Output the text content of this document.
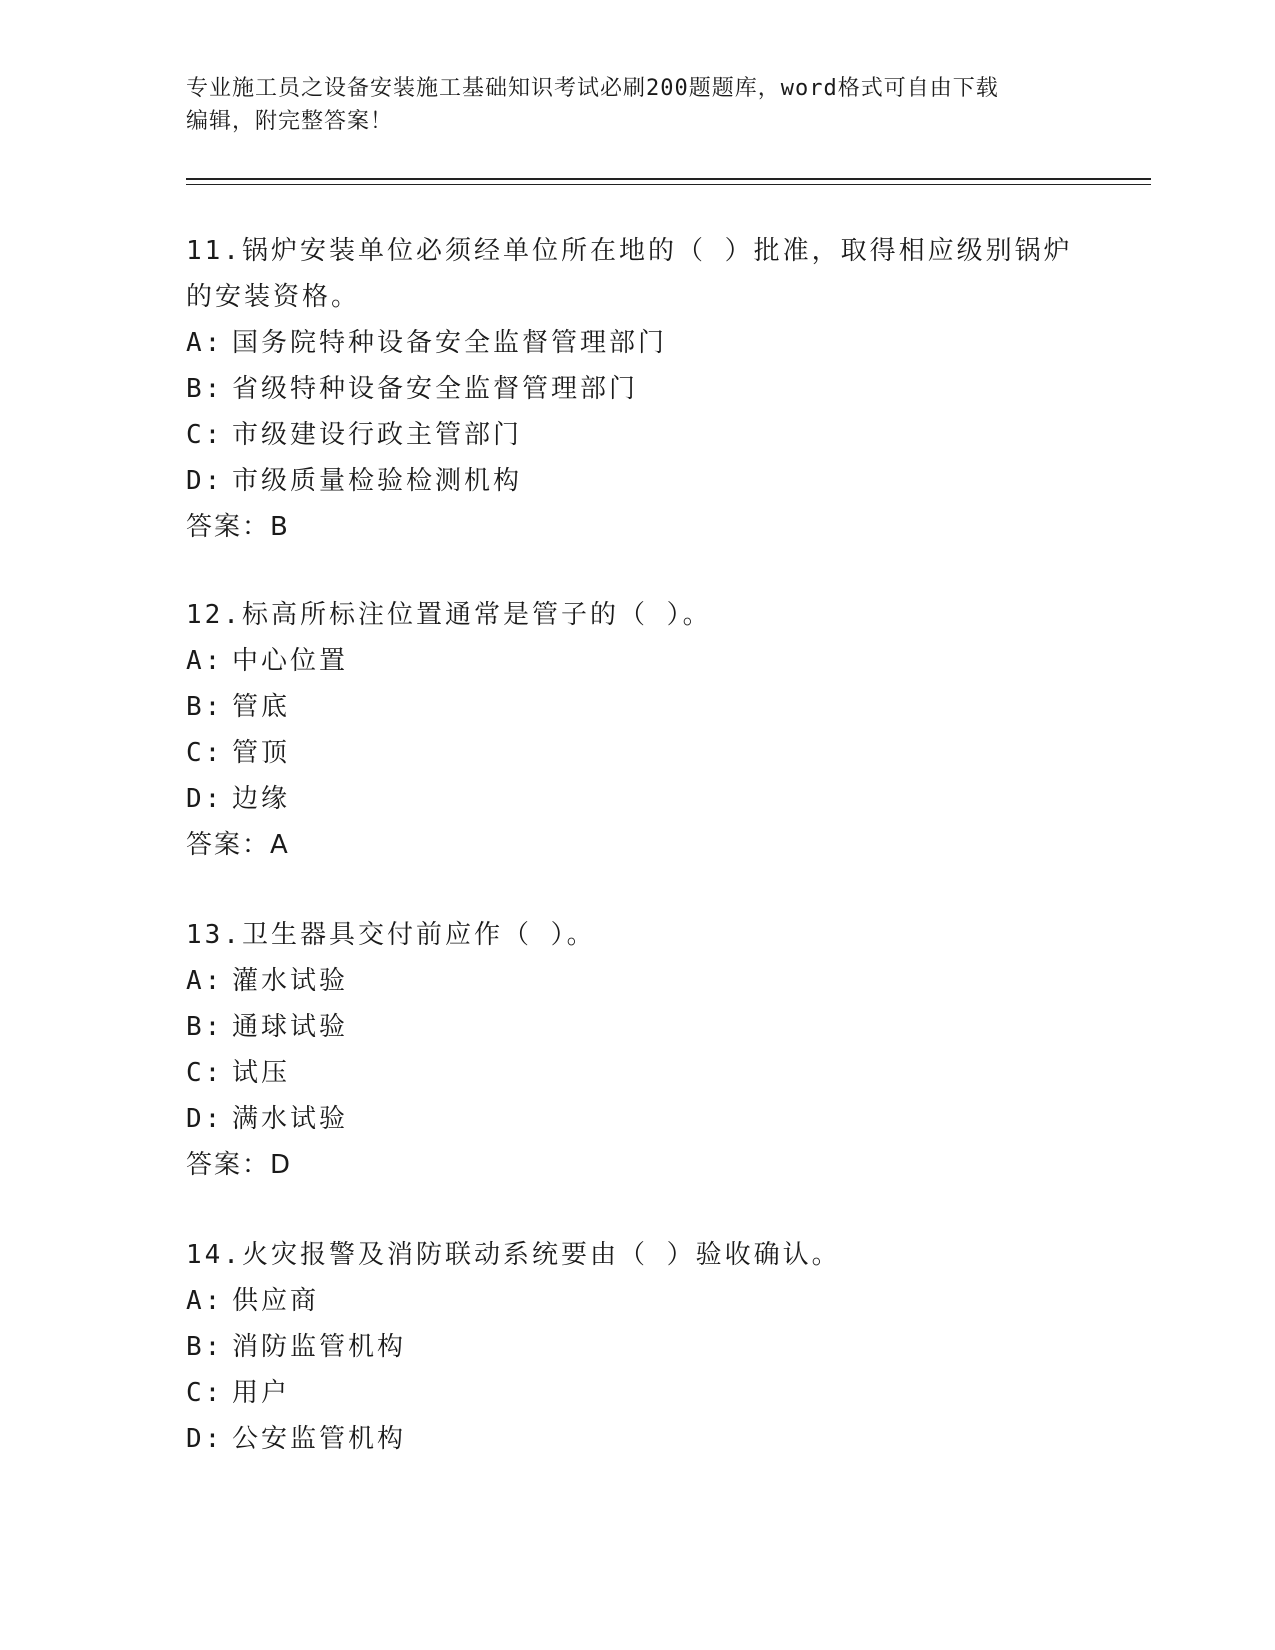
专业施工员之设备安装施工基础知识考试必刷200题题库，word格式可自由下载
编辑，附完整答案！

11.锅炉安装单位必须经单位所在地的（ ）批准，取得相应级别锅炉

的安装资格。

A: 国务院特种设备安全监督管理部门

B: 省级特种设备安全监督管理部门

C: 市级建设行政主管部门

D: 市级质量检验检测机构

答案：B

12.标高所标注位置通常是管子的（ ）。

A: 中心位置

B: 管底

C: 管顶

D: 边缘

答案：A

13.卫生器具交付前应作（ ）。

A: 灌水试验

B: 通球试验

C: 试压

D: 满水试验

答案：D

14.火灾报警及消防联动系统要由（ ）验收确认。

A: 供应商

B: 消防监管机构

C: 用户

D: 公安监管机构
